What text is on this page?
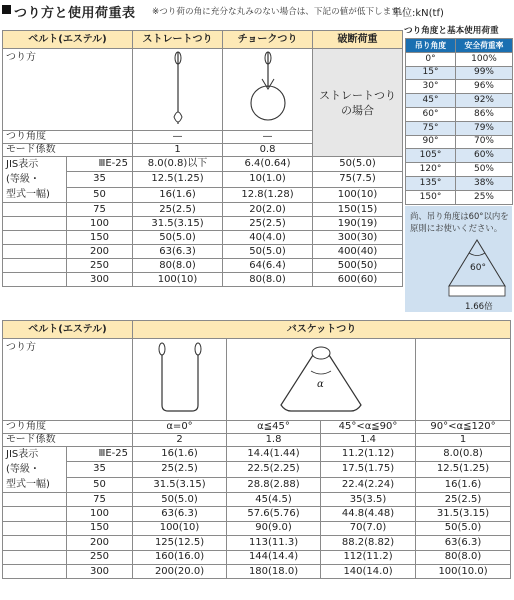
つり方と使用荷重表 ※つり荷の角に充分な丸みのない場合は、下記の値が低下します。
単位:kN(tf)
ベルト(エステル)		ストレートつり	チョークつり	破断荷重
つり方				ストレートつりの場合
つり角度		—	—	
モード係数		1	0.8	

JIS表示
(等級・
型式一幅)	ⅢE-25	8.0(0.8)以下	6.4(0.64)	50(5.0)
	35	12.5(1.25)	10(1.0)	75(7.5)
	50	16(1.6)	12.8(1.28)	100(10)
	75	25(2.5)	20(2.0)	150(15)
	100	31.5(3.15)	25(2.5)	190(19)
	150	50(5.0)	40(4.0)	300(30)
	200	63(6.3)	50(5.0)	400(40)
	250	80(8.0)	64(6.4)	500(50)
	300	100(10)	80(8.0)	600(60)
つり角度と基本使用荷重
吊り角度	安全荷重率
0°	100%
15°	99%
30°	96%
45°	92%
60°	86%
75°	79%
90°	70%
105°	60%
120°	50%
135°	38%
150°	25%
尚、吊り角度は60°以内を原則にお使いください。
60°
1.66倍
ベルト(エステル)		バスケットつり			
つり方			α		

つり角度		α=0°	α≦45°	45°<α≦90°	90°<α≦120°
モード係数		2	1.8	1.4	1

JIS表示
(等級・
型式一幅)	ⅢE-25	16(1.6)	14.4(1.44)	11.2(1.12)	8.0(0.8)
	35	25(2.5)	22.5(2.25)	17.5(1.75)	12.5(1.25)
	50	31.5(3.15)	28.8(2.88)	22.4(2.24)	16(1.6)
	75	50(5.0)	45(4.5)	35(3.5)	25(2.5)
	100	63(6.3)	57.6(5.76)	44.8(4.48)	31.5(3.15)
	150	100(10)	90(9.0)	70(7.0)	50(5.0)
	200	125(12.5)	113(11.3)	88.2(8.82)	63(6.3)
	250	160(16.0)	144(14.4)	112(11.2)	80(8.0)
	300	200(20.0)	180(18.0)	140(14.0)	100(10.0)
